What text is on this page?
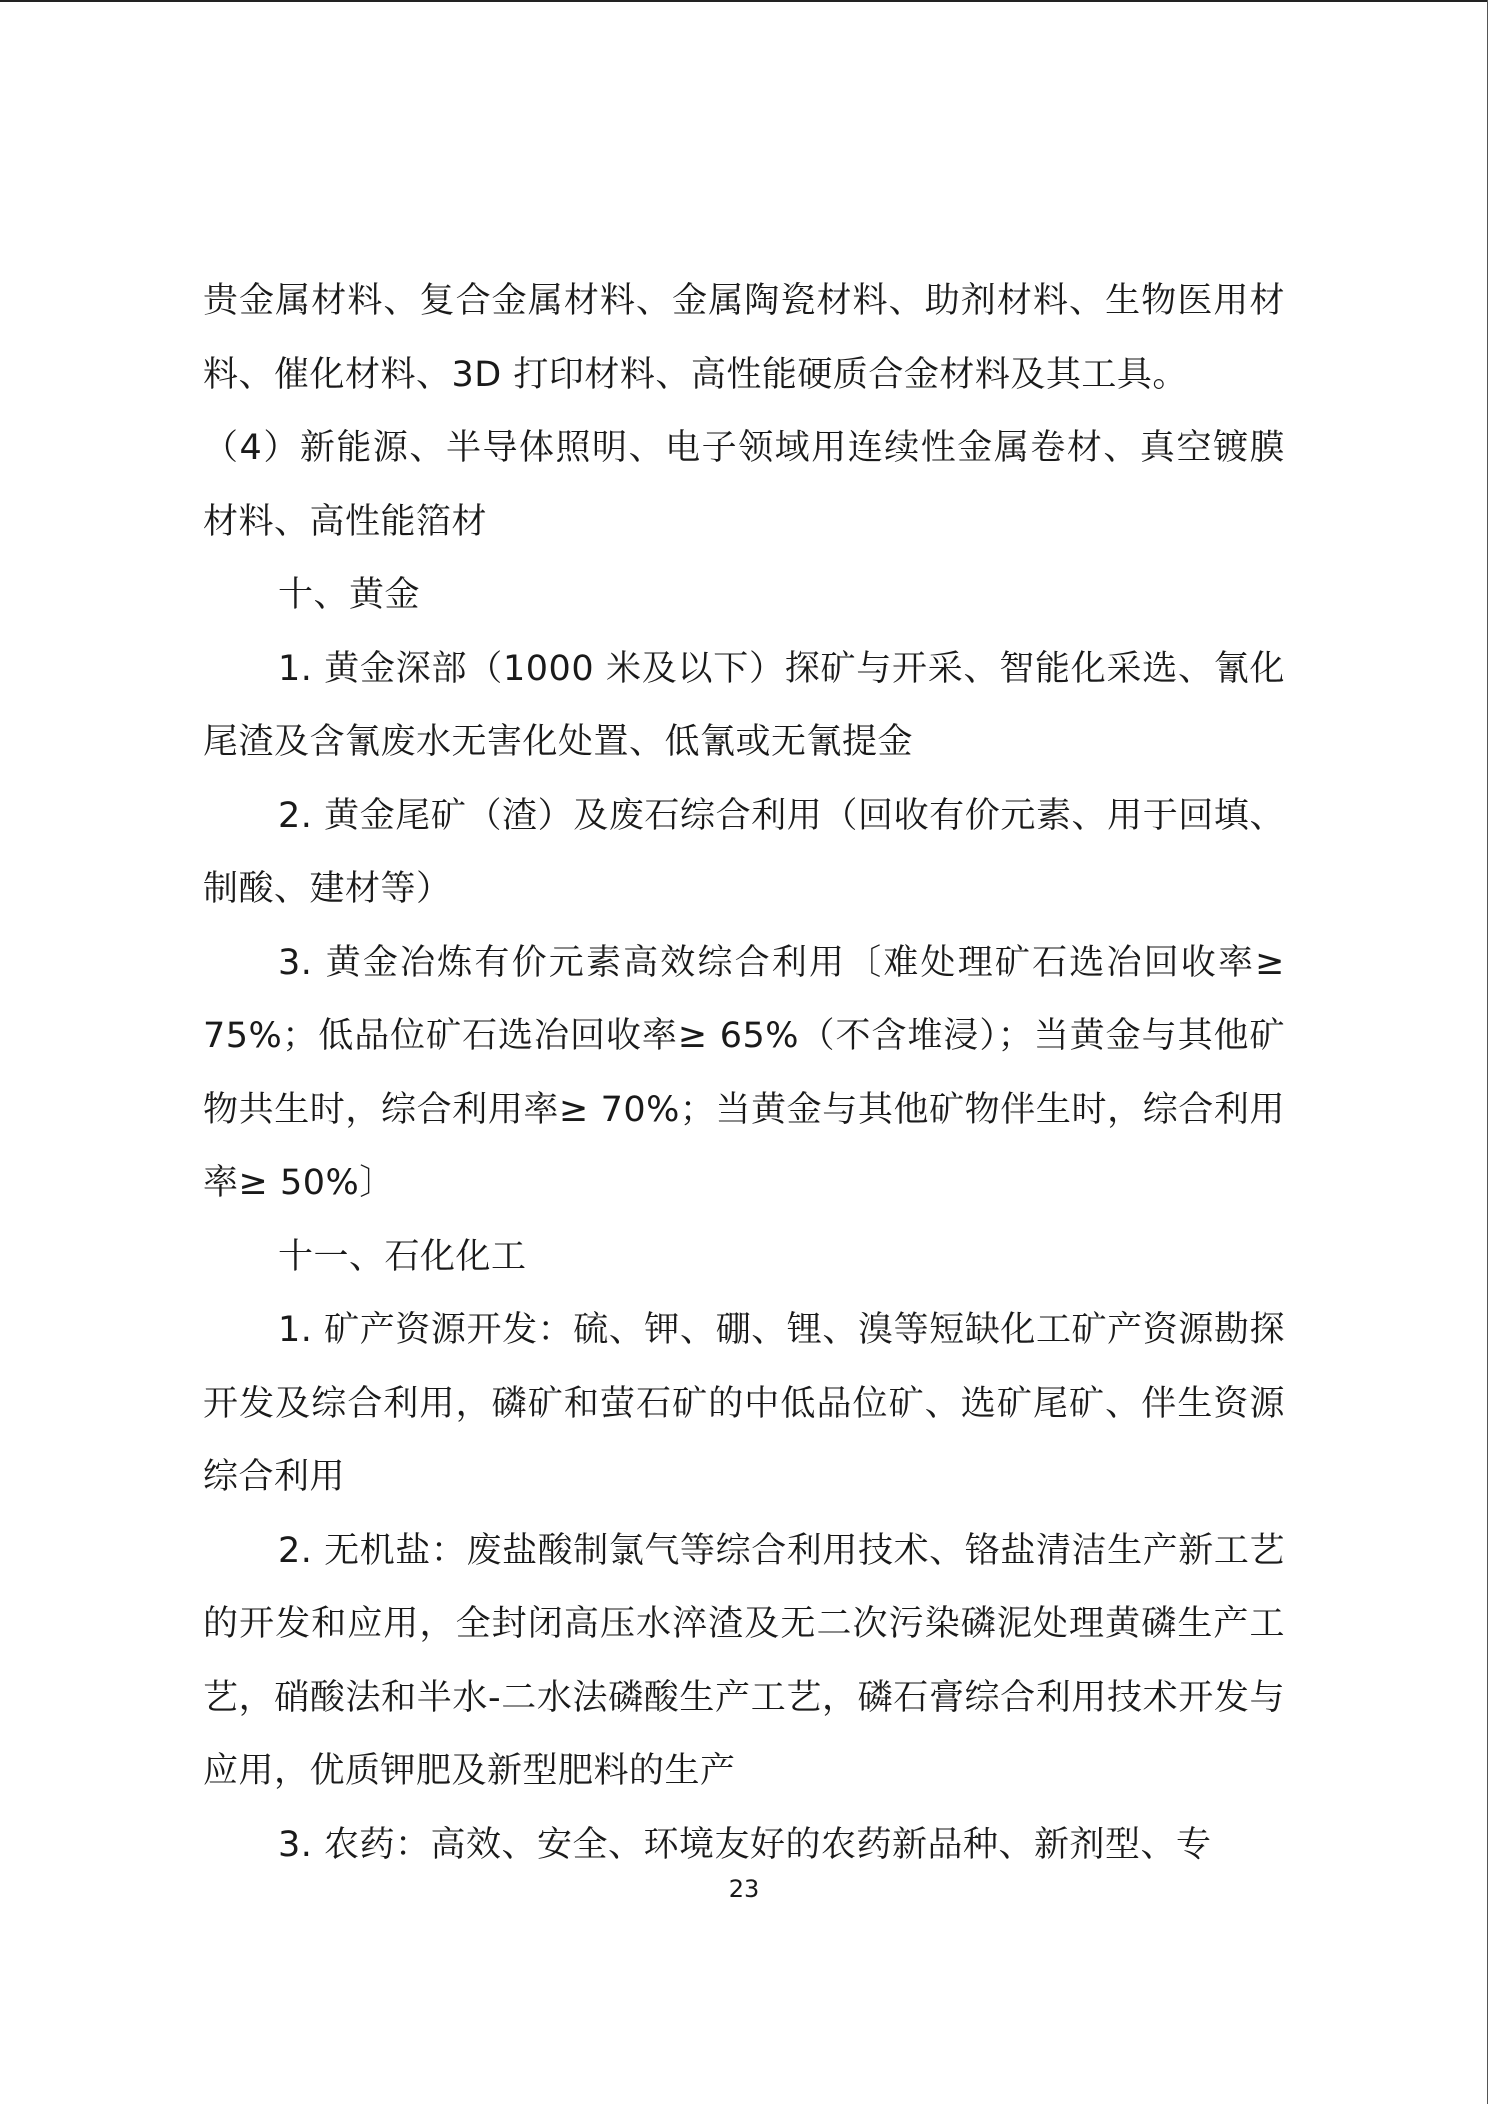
贵金属材料、复合金属材料、金属陶瓷材料、助剂材料、生物医用材料、催化材料、3D 打印材料、高性能硬质合金材料及其工具。

（4）新能源、半导体照明、电子领域用连续性金属卷材、真空镀膜材料、高性能箔材

十、黄金

1. 黄金深部（1000 米及以下）探矿与开采、智能化采选、氰化尾渣及含氰废水无害化处置、低氰或无氰提金

2. 黄金尾矿（渣）及废石综合利用（回收有价元素、用于回填、制酸、建材等）

3. 黄金冶炼有价元素高效综合利用〔难处理矿石选冶回收率≥ 75%；低品位矿石选冶回收率≥ 65%（不含堆浸）；当黄金与其他矿物共生时，综合利用率≥ 70%；当黄金与其他矿物伴生时，综合利用率≥ 50%〕

十一、石化化工

1. 矿产资源开发：硫、钾、硼、锂、溴等短缺化工矿产资源勘探开发及综合利用，磷矿和萤石矿的中低品位矿、选矿尾矿、伴生资源综合利用

2. 无机盐：废盐酸制氯气等综合利用技术、铬盐清洁生产新工艺的开发和应用，全封闭高压水淬渣及无二次污染磷泥处理黄磷生产工艺，硝酸法和半水-二水法磷酸生产工艺，磷石膏综合利用技术开发与应用，优质钾肥及新型肥料的生产

3. 农药：高效、安全、环境友好的农药新品种、新剂型、专

23
